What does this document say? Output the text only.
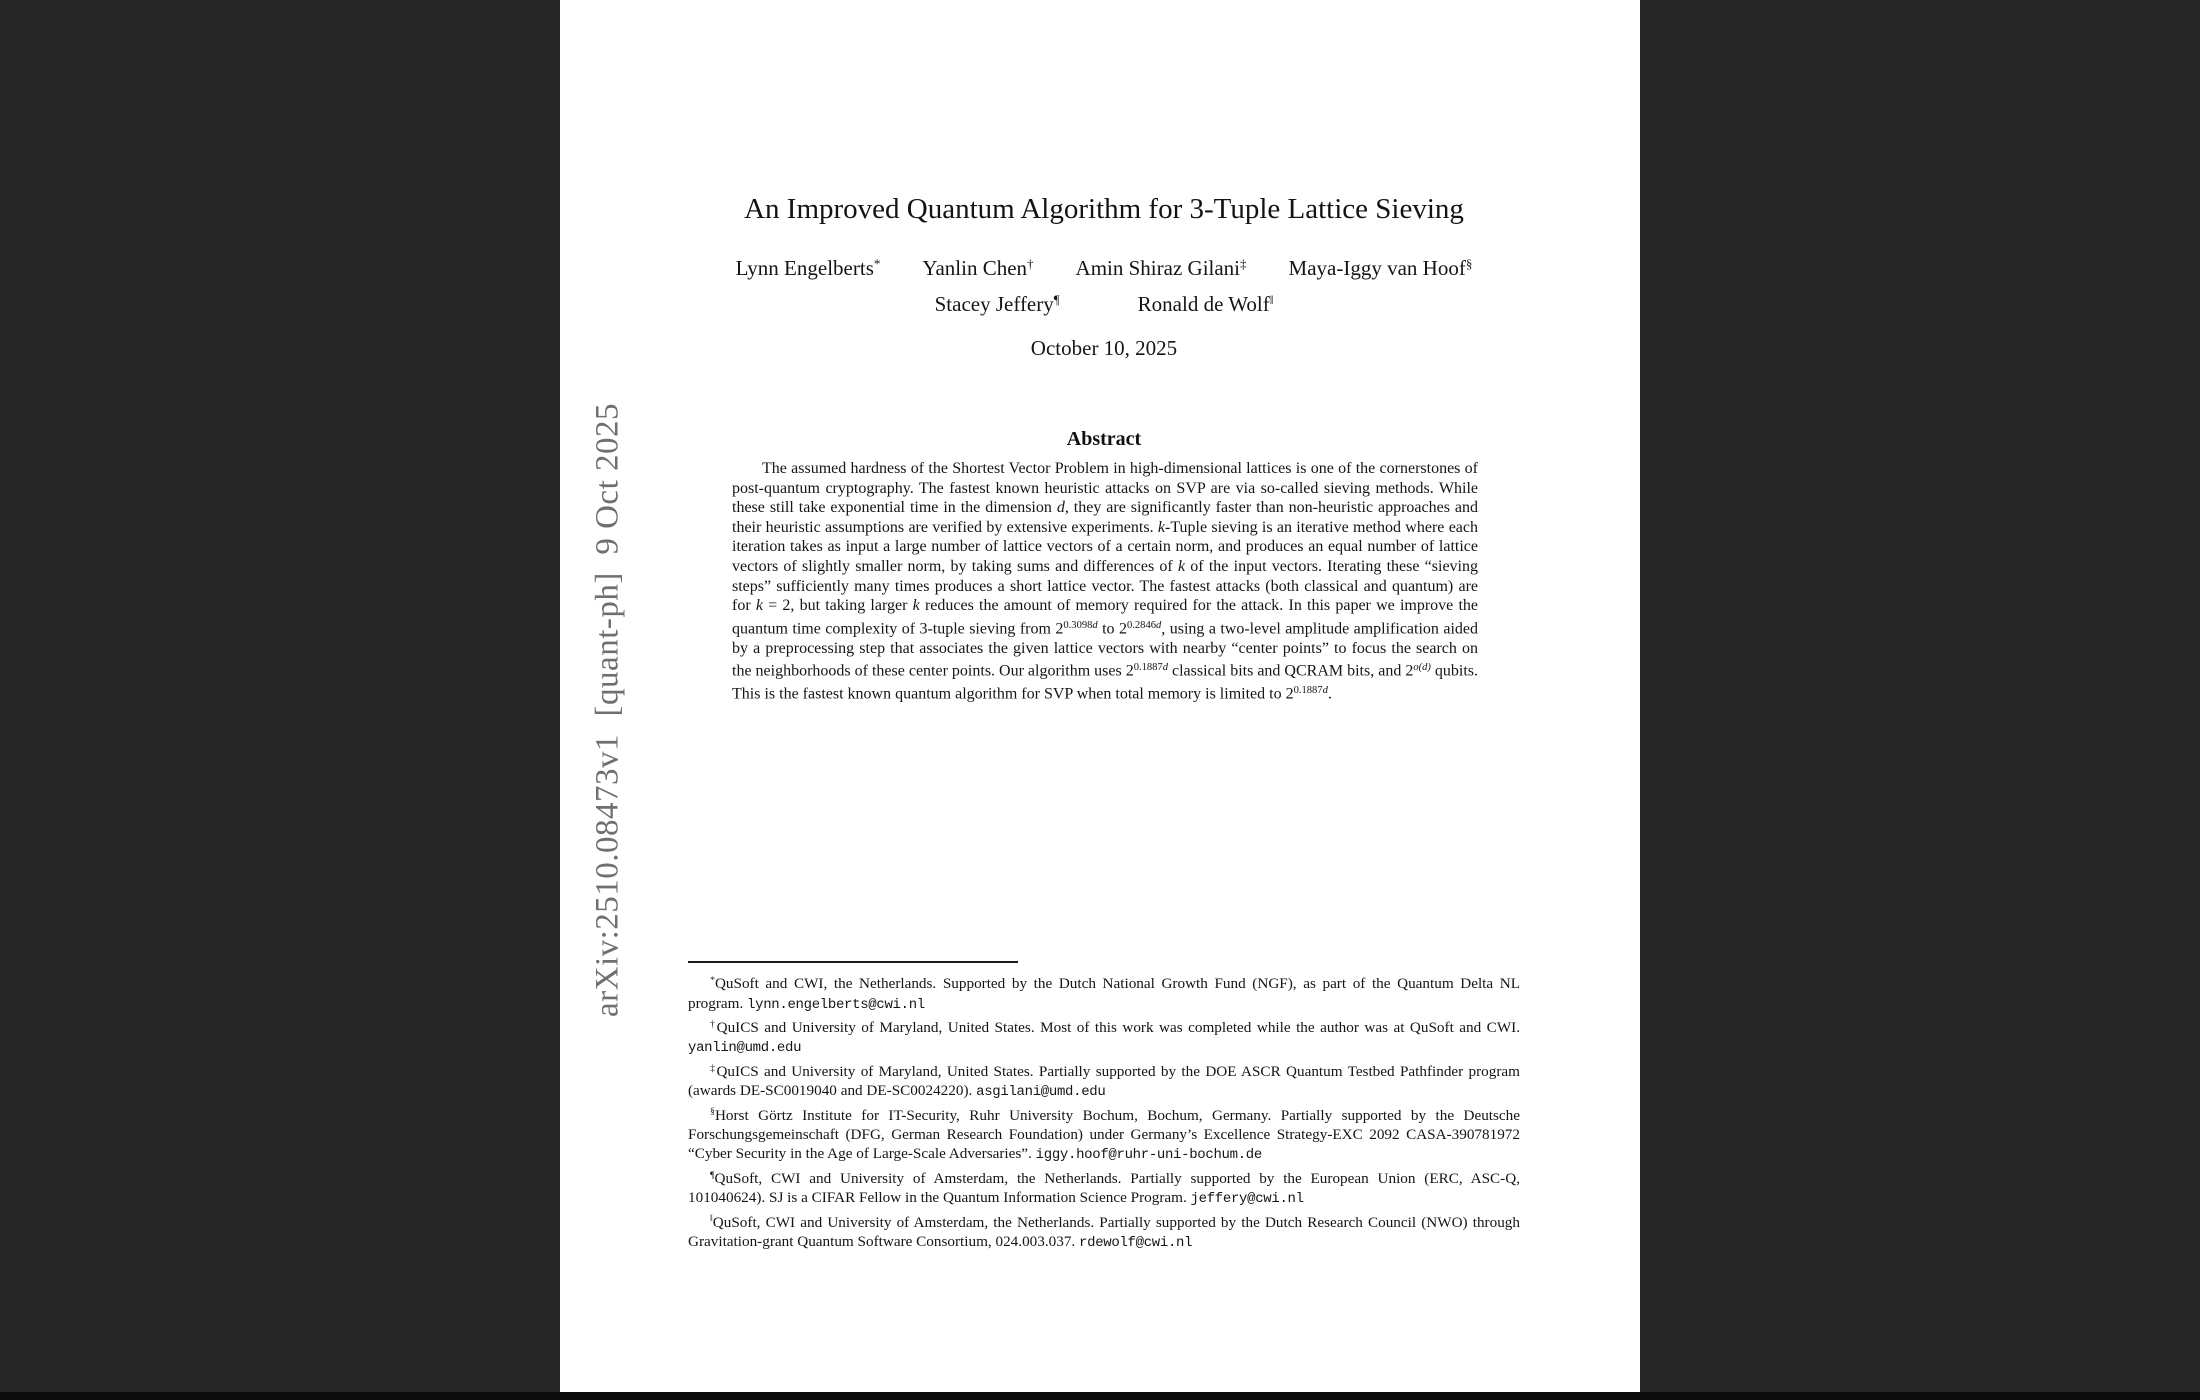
arXiv:2510.08473v1  [quant-ph]  9 Oct 2025
An Improved Quantum Algorithm for 3-Tuple Lattice Sieving
Lynn Engelberts* Yanlin Chen† Amin Shiraz Gilani‡ Maya-Iggy van Hoof§
Stacey Jeffery¶	Ronald de Wolf‖
October 10, 2025
Abstract

The assumed hardness of the Shortest Vector Problem in high-dimensional lattices is one of the cornerstones of post-quantum cryptography. The fastest known heuristic attacks on SVP are via so-called sieving methods. While these still take exponential time in the dimension d, they are significantly faster than non-heuristic approaches and their heuristic assumptions are verified by extensive experiments. k-Tuple sieving is an iterative method where each iteration takes as input a large number of lattice vectors of a certain norm, and produces an equal number of lattice vectors of slightly smaller norm, by taking sums and differences of k of the input vectors. Iterating these “sieving steps” sufficiently many times produces a short lattice vector. The fastest attacks (both classical and quantum) are for k = 2, but taking larger k reduces the amount of memory required for the attack. In this paper we improve the quantum time complexity of 3-tuple sieving from $2^{0.3098d}$ to $2^{0.2846d}$, using a two-level amplitude amplification aided by a preprocessing step that associates the given lattice vectors with nearby “center points” to focus the search on the neighborhoods of these center points. Our algorithm uses $2^{0.1887d}$ classical bits and QCRAM bits, and $2^{o(d)}$ qubits. This is the fastest known quantum algorithm for SVP when total memory is limited to $2^{0.1887d}$.

*QuSoft and CWI, the Netherlands. Supported by the Dutch National Growth Fund (NGF), as part of the Quantum Delta NL program. lynn.engelberts@cwi.nl

†QuICS and University of Maryland, United States. Most of this work was completed while the author was at QuSoft and CWI. yanlin@umd.edu

‡QuICS and University of Maryland, United States. Partially supported by the DOE ASCR Quantum Testbed Pathfinder program (awards DE-SC0019040 and DE-SC0024220). asgilani@umd.edu

§Horst Görtz Institute for IT-Security, Ruhr University Bochum, Bochum, Germany. Partially supported by the Deutsche Forschungsgemeinschaft (DFG, German Research Foundation) under Germany’s Excellence Strategy-EXC 2092 CASA-390781972 “Cyber Security in the Age of Large-Scale Adversaries”. iggy.hoof@ruhr-uni-bochum.de

¶QuSoft, CWI and University of Amsterdam, the Netherlands. Partially supported by the European Union (ERC, ASC-Q, 101040624). SJ is a CIFAR Fellow in the Quantum Information Science Program. jeffery@cwi.nl

‖QuSoft, CWI and University of Amsterdam, the Netherlands. Partially supported by the Dutch Research Council (NWO) through Gravitation-grant Quantum Software Consortium, 024.003.037. rdewolf@cwi.nl
